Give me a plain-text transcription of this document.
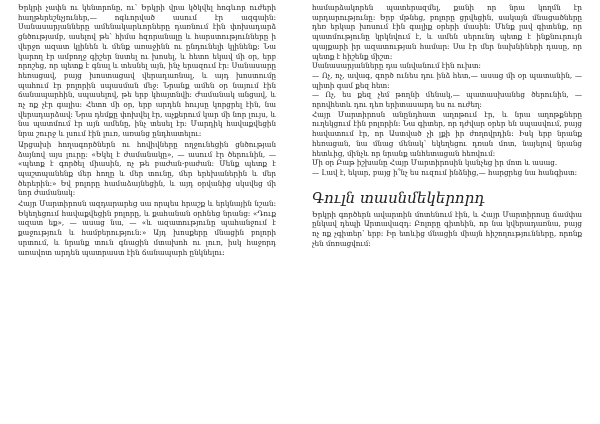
Երկրի չափն ու կենտրոնը, ու՝ Երկրի վրա կծկվել հոգևոր ուժերի հաղթերեշնչյուներ,— ոգևորված ասում էր ազգաին։ Սանասարյանները ամենակարևորները դառնում էին փոխադարձ ցնծությամբ, ասելով թե՝ հիմա հզորանալը և հարստությունները ի վերջո ազատ կլինեն և մենք առաջինն ու ընդունելի կլինենք։ Նա կարող էր ամբողջ գիշեր նստել ու խոսել, և հետո եկավ մի օր, երբ որոշեց, որ պետք է գնալ և տեսնել այն, ինչ երազում էր։ Սանասարը հեռացավ, բայց խոստացավ վերադառնալ, և այդ խոստումը պահում էր բոլորին սպասման մեջ։ Նրանք ամեն օր նայում էին ճանապարհին, սպասելով, թե երբ կհայտնվի։ Ժամանակ անցավ, և ոչ ոք չէր գալիս։ Հետո մի օր, երբ արդեն հույսը կորցրել էին, նա վերադարձավ։ Նրա դեմքը փոխվել էր, աչքերում կար մի նոր լույս, և նա պատմում էր այն ամենը, ինչ տեսել էր։ Մարդիկ հավաքվեցին նրա շուրջ և լսում էին լուռ, առանց ընդհատելու։

Արցախի հողագործներն ու հովիվները ողջունեցին ցնծության ձայնով այս լուրը։ «Եկել է ժամանակը», — ասում էր ծերունին, — «պետք է գործել միասին, ոչ թե բաժան-բաժան։ Մենք պետք է պաշտպանենք մեր հողը և մեր տունը, մեր երեխաներին և մեր ծերերին։» Եվ բոլորը համաձայնեցին, և այդ օրվանից սկսվեց մի նոր ժամանակ։

Հայր Մարտիրոսն ազդարարեց սա որպես հրաշք և երկնային նշան։ Եկեղեցում հավաքվեցին բոլորը, և քահանան օրհնեց նրանց։ «Դուք ազատ եք», — ասաց նա, — «և ազատությունը պահանջում է քաջություն և համբերություն։» Այդ խոսքերը մնացին բոլորի սրտում, և նրանք տուն գնացին մտախոհ ու լուռ, իսկ հաջորդ առավոտ արդեն պատրաստ էին ճանապարհ ընկնելու։

համարձակորեն պատերազմել, քանի որ նրա կողմն էր արդարությունը։ Երբ մթնեց, բոլորը ցրվեցին, սակայն մնացածները դեռ երկար խոսում էին գալիք օրերի մասին։ Մենք լավ գիտենք, որ պատմությունը կրկնվում է, և ամեն սերունդ պետք է ինքնուրույն պայքարի իր ազատության համար։ Սա էր մեր նախնիների դասը, որ պետք է հիշենք միշտ։

Սանասարյանները դա անվանում էին ուխտ։

— Ոչ, ոչ, ավագ, գործ ունես դու ինձ հետ,— ասաց մի օր պատանին, — պիտի գամ քեզ հետ։

— Ոչ, ես քեզ չեմ թողնի մենակ,— պատասխանեց ծերունին, — որովհետև դու դեռ երիտասարդ ես ու ուժեղ։

Հայր Մարտիրոսն անընդհատ աղոթում էր, և նրա աղոթքները ուղեկցում էին բոլորին։ Նա գիտեր, որ դժվար օրեր են սպասվում, բայց հավատում էր, որ Աստված չի լքի իր ժողովրդին։ Իսկ երբ նրանք հեռացան, նա մնաց մենակ՝ եկեղեցու դռան մոտ, նայելով նրանց հետևից, մինչև որ նրանք անհետացան հեռվում։

Մի օր Բաթ իշխանը Հայր Մարտիրոսին կանչեց իր մոտ և ասաց.

— Լավ է, եկար, բայց ի՞նչ ես ուզում ինձնից,— հարցրեց նա հանգիստ։

Գուլն տասնմեկերորդ

Երկրի գործերն ավարտին մոտենում էին, և Հայր Մարտիրոսը ճամփա ընկավ դեպի Արտավազդ։ Բոլորը գիտեին, որ նա կվերադառնա, բայց ոչ ոք չգիտեր՝ երբ։ Իր ետևից մնացին միայն հիշողությունները, որոնք չեն մոռացվում։
